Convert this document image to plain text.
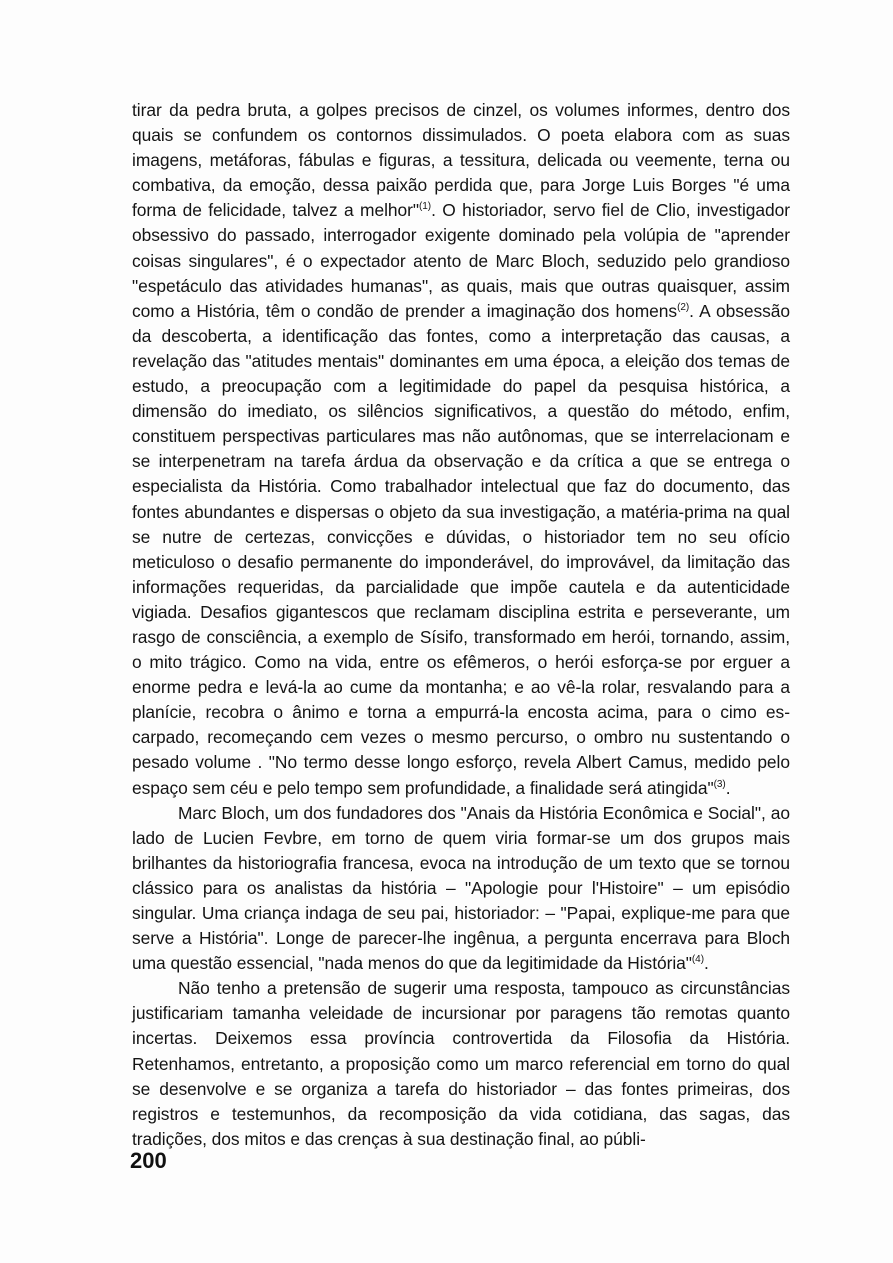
tirar da pedra bruta, a golpes precisos de cinzel, os volumes informes, dentro dos quais se confundem os contornos dissimulados. O poeta elabora com as suas imagens, metáforas, fábulas e figuras, a tessitura, delicada ou veemente, terna ou combativa, da emoção, dessa paixão perdida que, para Jorge Luis Borges "é uma forma de felicidade, talvez a melhor"$^{(1)}$. O historiador, servo fiel de Clio, investigador obsessivo do passado, interrogador exigente dominado pela volúpia de "aprender coisas singulares", é o expectador atento de Marc Bloch, seduzido pelo grandioso "espetáculo das atividades humanas", as quais, mais que outras quaisquer, assim como a História, têm o condão de prender a imaginação dos homens$^{(2)}$. A obsessão da descoberta, a identificação das fontes, como a interpretação das causas, a revelação das "atitudes mentais" dominantes em uma época, a eleição dos temas de estudo, a preocupação com a legitimidade do papel da pesquisa histórica, a dimensão do imediato, os silêncios significativos, a questão do método, enfim, constituem perspectivas particulares mas não autônomas, que se interrelacionam e se interpenetram na tarefa árdua da observação e da crítica a que se entrega o especialista da História. Como trabalhador intelectual que faz do documento, das fontes abundantes e dispersas o objeto da sua investigação, a matéria-prima na qual se nutre de certezas, convicções e dúvidas, o historiador tem no seu ofício meticuloso o desafio permanente do imponderável, do improvável, da limitação das informações requeridas, da parcialidade que impõe cautela e da autenticidade vigiada. Desafios gigantescos que reclamam disciplina estrita e perseverante, um rasgo de consciência, a exemplo de Sísifo, transformado em herói, tornando, assim, o mito trágico. Como na vida, entre os efêmeros, o herói esforça-se por erguer a enorme pedra e levá-la ao cume da montanha; e ao vê-la rolar, resvalando para a planície, recobra o ânimo e torna a empurrá-la encosta acima, para o cimo escarpado, recomeçando cem vezes o mesmo percurso, o ombro nu sustentando o pesado volume . "No termo desse longo esforço, revela Albert Camus, medido pelo espaço sem céu e pelo tempo sem profundidade, a finalidade será atingida"$^{(3)}$.

Marc Bloch, um dos fundadores dos "Anais da História Econômica e Social", ao lado de Lucien Fevbre, em torno de quem viria formar-se um dos grupos mais brilhantes da historiografia francesa, evoca na introdução de um texto que se tornou clássico para os analistas da história – "Apologie pour l'Histoire" – um episódio singular. Uma criança indaga de seu pai, historiador: – "Papai, explique-me para que serve a História". Longe de parecer-lhe ingênua, a pergunta encerrava para Bloch uma questão essencial, "nada menos do que da legitimidade da História"$^{(4)}$.

Não tenho a pretensão de sugerir uma resposta, tampouco as circunstâncias justificariam tamanha veleidade de incursionar por paragens tão remotas quanto incertas. Deixemos essa província controvertida da Filosofia da História. Retenhamos, entretanto, a proposição como um marco referencial em torno do qual se desenvolve e se organiza a tarefa do historiador – das fontes primeiras, dos registros e testemunhos, da recomposição da vida cotidiana, das sagas, das tradições, dos mitos e das crenças à sua destinação final, ao públi-

200
